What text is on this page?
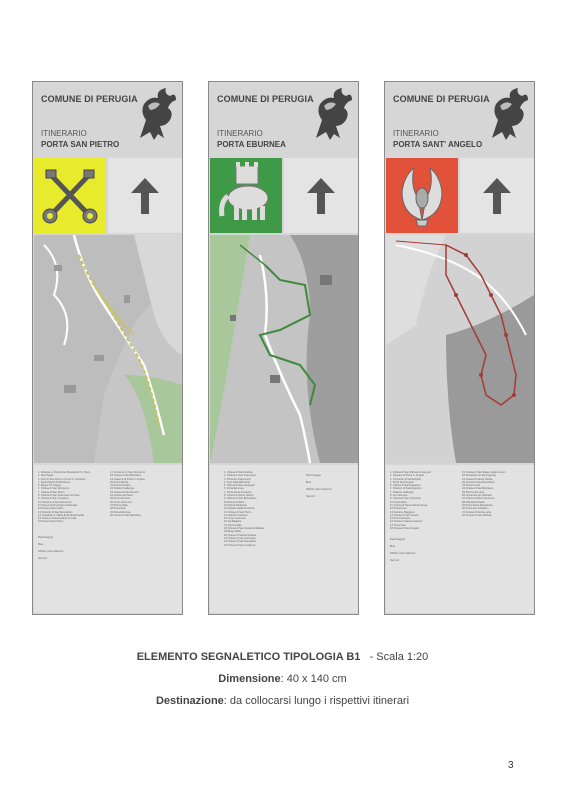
COMUNE DI PERUGIA
ITINERARIO
PORTA SAN PIETRO
1  Abbazia e Chiostri dei Benedettini S. Pietro
2  Sant'Agata
3  Arco di San Pietro e Porta S. Costanzo
4  Santa Maria di Monteluce
5  Borgo XX Giugno
6  Chiesa di San Domenico
7  Chiesa di San Pietro
8  Chiesa di San Francesco al Prato
9  Chiesa di San Costanzo
10 Chiostro di San Domenico
11 Museo Archeologico Nazionale
12 Porta di San Pietro
13 Oratorio di San Bernardino
14 Ospedale S. Maria della Misericordia
15 Chiesa di Santa Maria di Colle
16 Porta di San Pietro
17 Convento di San Domenico
18 Chiesa di Sant'Ercolano
19 Cassero di Porta S. Angelo
20 Porta Marzia
21 Rocca Paolina
22 Palazzo Gallenga
23 Chiesa di San Severo
24 Chiesa del Gesù
25 Pozzo Etrusco
26 Corso Vannucci
27 Piazza Italia
28 Porta Sole
29 Porta Eburnea
30 Chiesa di Sant'Ercolano
Parcheggio
Bus
Ufficio informazioni
Servizi
COMUNE DI PERUGIA
ITINERARIO
PORTA EBURNEA
1  Chiesa di Sant'Andrea
2  Chiesa di San Francesco
3  Porta dei Cappuccini
4  Arco della Mandorla
5  Chiesa di San Giuseppe
6  Porta Eburnea
7  Porta Santa Susanna
8  Chiesa di Santo Spirito
9  Chiesa di San Bernardino
10 Rocca Paolina
11 Piazza Partigiani
12 Palazzo della Provincia
13 Chiesa di San Pietro
14 Giardini Carducci
15 Corso Vannucci
16 Via Baglioni
17 Piazza Italia
18 Chiesa di San Giovanni Battista
19 Borgo Bello
20 Chiesa di Santa Giuliana
21 Chiesa di San Fortunato
22 Chiesa di San Benedetto
23 Chiesa di San Costanzo
Parcheggio
Bus
Ufficio informazioni
Servizi
COMUNE DI PERUGIA
ITINERARIO
PORTA SANT' ANGELO
1  Chiesa di San Michele Arcangelo
2  Cassero di Porta S. Angelo
3  Convento di Monteripido
4  Porta Sant'Angelo
5  Chiesa di Sant'Agostino
6  Oratorio di Sant'Agostino
7  Palazzo Gallenga
8  Arco Etrusco
9  Chiesa di San Fortunato
10 Acquedotto
11 Chiesa di Santa Maria Nuova
12 Porta Pesa
13 Fontana Maggiore
14 Chiesa di San Severo
15 Pozzo Etrusco
16 Chiesa di Santa Caterina
17 Porta Sole
18 Chiesa di Sant'Angelo
19 Chiesa di San Matteo degli Armeni
20 Monastero di Sant'Agnese
21 Chiesa di Santa Teresa
22 Chiesa di San Benedetto
23 Porta Conca
24 Chiesa di Sant'Ercolano
25 Piazza Grimana
26 Università per Stranieri
27 Chiesa di San Francesco
28 Villa Monteripido
29 Porta Santa Margherita
30 Porta San Girolamo
31 Chiesa di Santa Lucia
32 Tempio di San Michele
Parcheggio
Bus
Ufficio informazioni
Servizi
ELEMENTO SEGNALETICO TIPOLOGIA B1 - Scala 1:20
Dimensione: 40 x 140 cm
Destinazione: da collocarsi lungo i rispettivi itinerari
3
